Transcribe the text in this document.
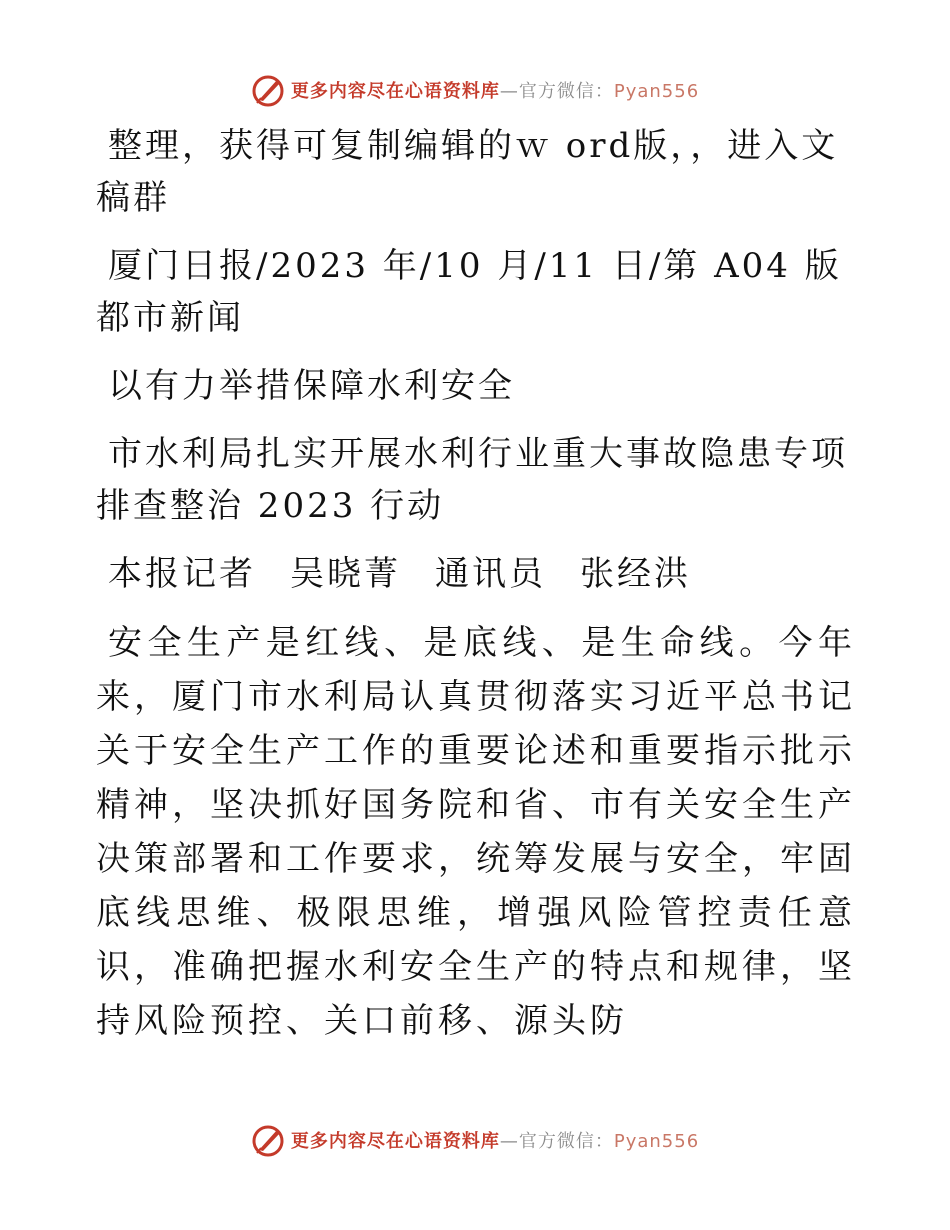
更多内容尽在心语资料库—官方微信：Pyan556

整理，获得可复制编辑的ｗ ord版，，进入文稿群

厦门日报/2023 年/10 月/11 日/第 A04 版都市新闻

以有力举措保障水利安全

市水利局扎实开展水利行业重大事故隐患专项排查整治 2023 行动

本报记者 吴晓菁 通讯员 张经洪

安全生产是红线、是底线、是生命线。今年来，厦门市水利局认真贯彻落实习近平总书记关于安全生产工作的重要论述和重要指示批示精神，坚决抓好国务院和省、市有关安全生产决策部署和工作要求，统筹发展与安全，牢固底线思维、极限思维，增强风险管控责任意识，准确把握水利安全生产的特点和规律，坚持风险预控、关口前移、源头防

更多内容尽在心语资料库—官方微信：Pyan556
